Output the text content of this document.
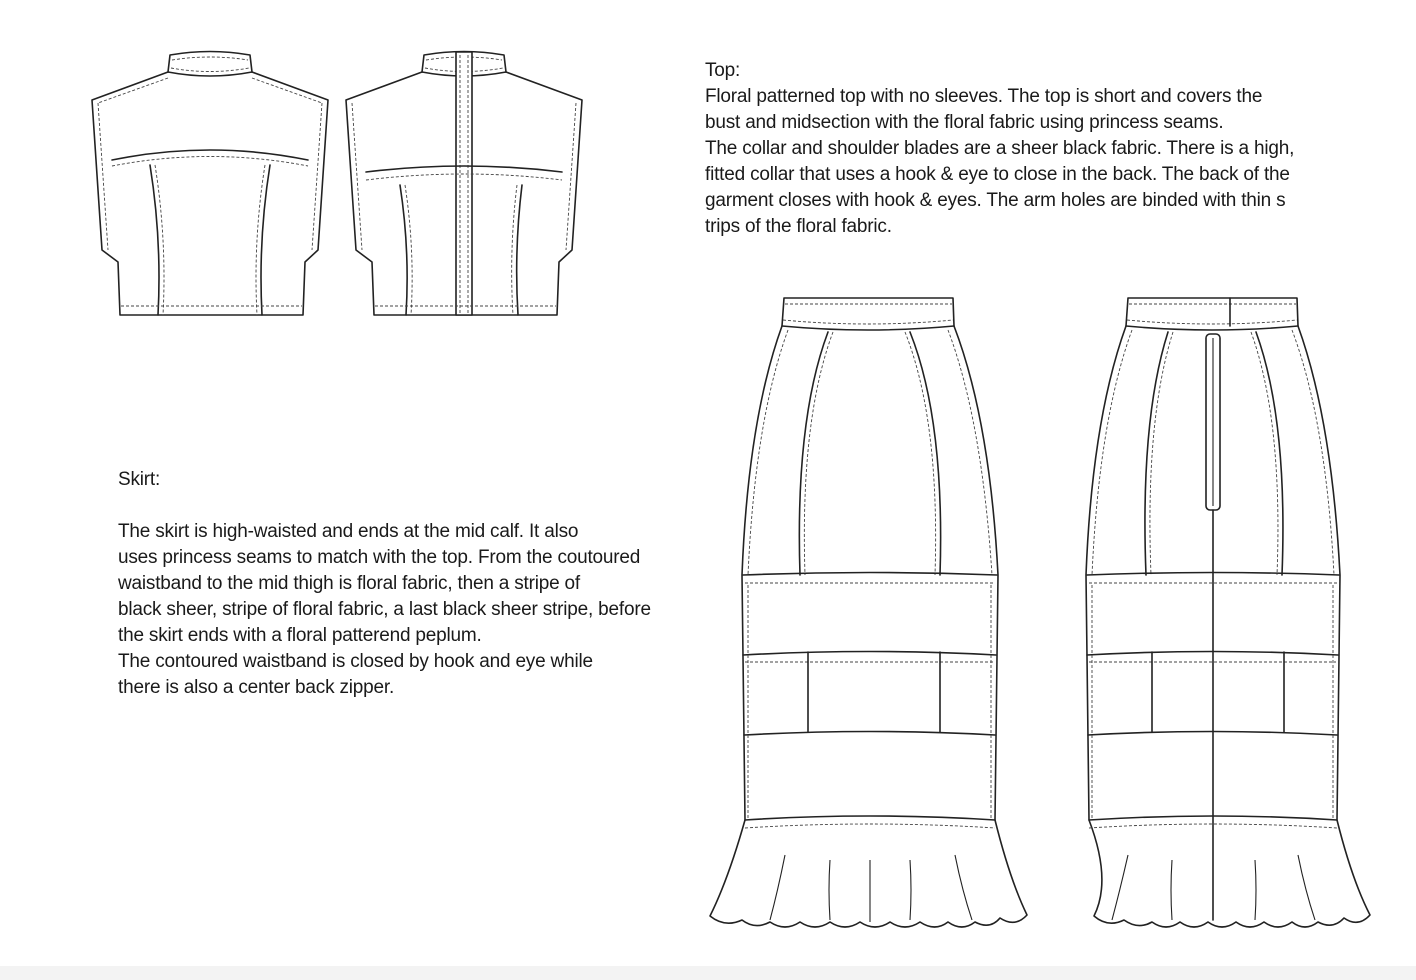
Top:

Floral patterned top with no sleeves. The top is short and covers the
bust and midsection with the floral fabric using princess seams.
The collar and shoulder blades are a sheer black fabric. There is a high,
fitted collar that uses a hook & eye to close in the back. The back of the
garment closes with hook & eyes. The arm holes are binded with thin s
trips of the floral fabric.

Skirt:

The skirt is high-waisted and ends at the mid calf. It also
uses princess seams to match with the top. From the coutoured
waistband to the mid thigh is floral fabric, then a stripe of
black sheer, stripe of floral fabric, a last black sheer stripe, before
the skirt ends with a floral patterend peplum.
The contoured waistband is closed by hook and eye while
there is also a center back zipper.
